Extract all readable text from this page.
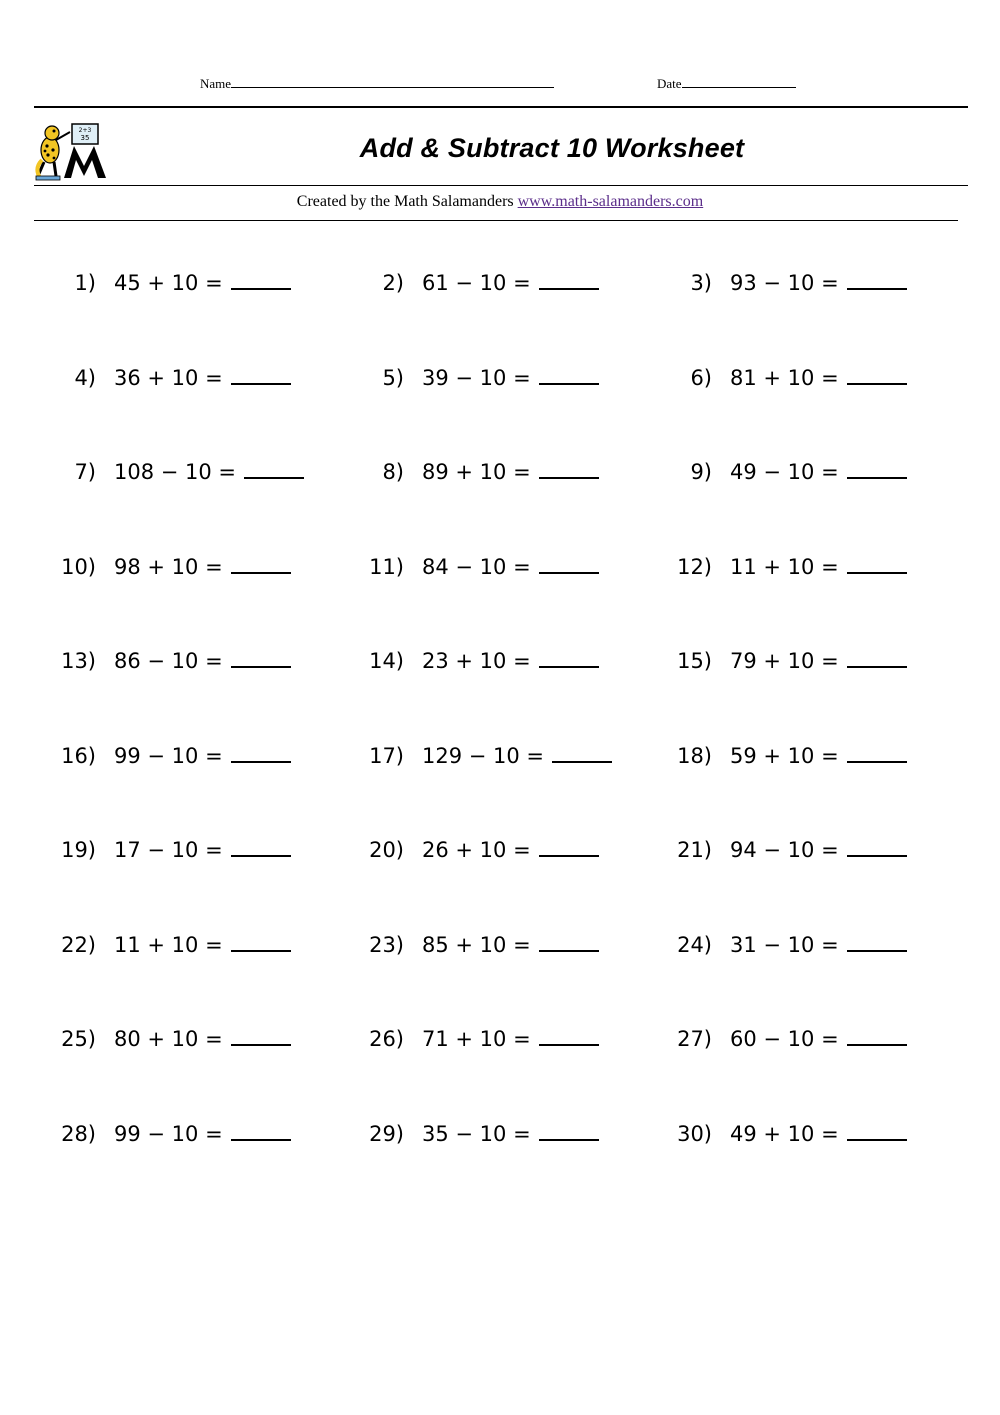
Name	Date
2+3
35	Add & Subtract 10 Worksheet
Created by the Math Salamanders www.math-salamanders.com
1) 45 + 10 =	2) 61 − 10 =	3) 93 − 10 =
4) 36 + 10 =	5) 39 − 10 =	6) 81 + 10 =
7) 108 − 10 =	8) 89 + 10 =	9) 49 − 10 =
10) 98 + 10 =	11) 84 − 10 =	12) 11 + 10 =
13) 86 − 10 =	14) 23 + 10 =	15) 79 + 10 =
16) 99 − 10 =	17) 129 − 10 =	18) 59 + 10 =
19) 17 − 10 =	20) 26 + 10 =	21) 94 − 10 =
22) 11 + 10 =	23) 85 + 10 =	24) 31 − 10 =
25) 80 + 10 =	26) 71 + 10 =	27) 60 − 10 =
28) 99 − 10 =	29) 35 − 10 =	30) 49 + 10 =
